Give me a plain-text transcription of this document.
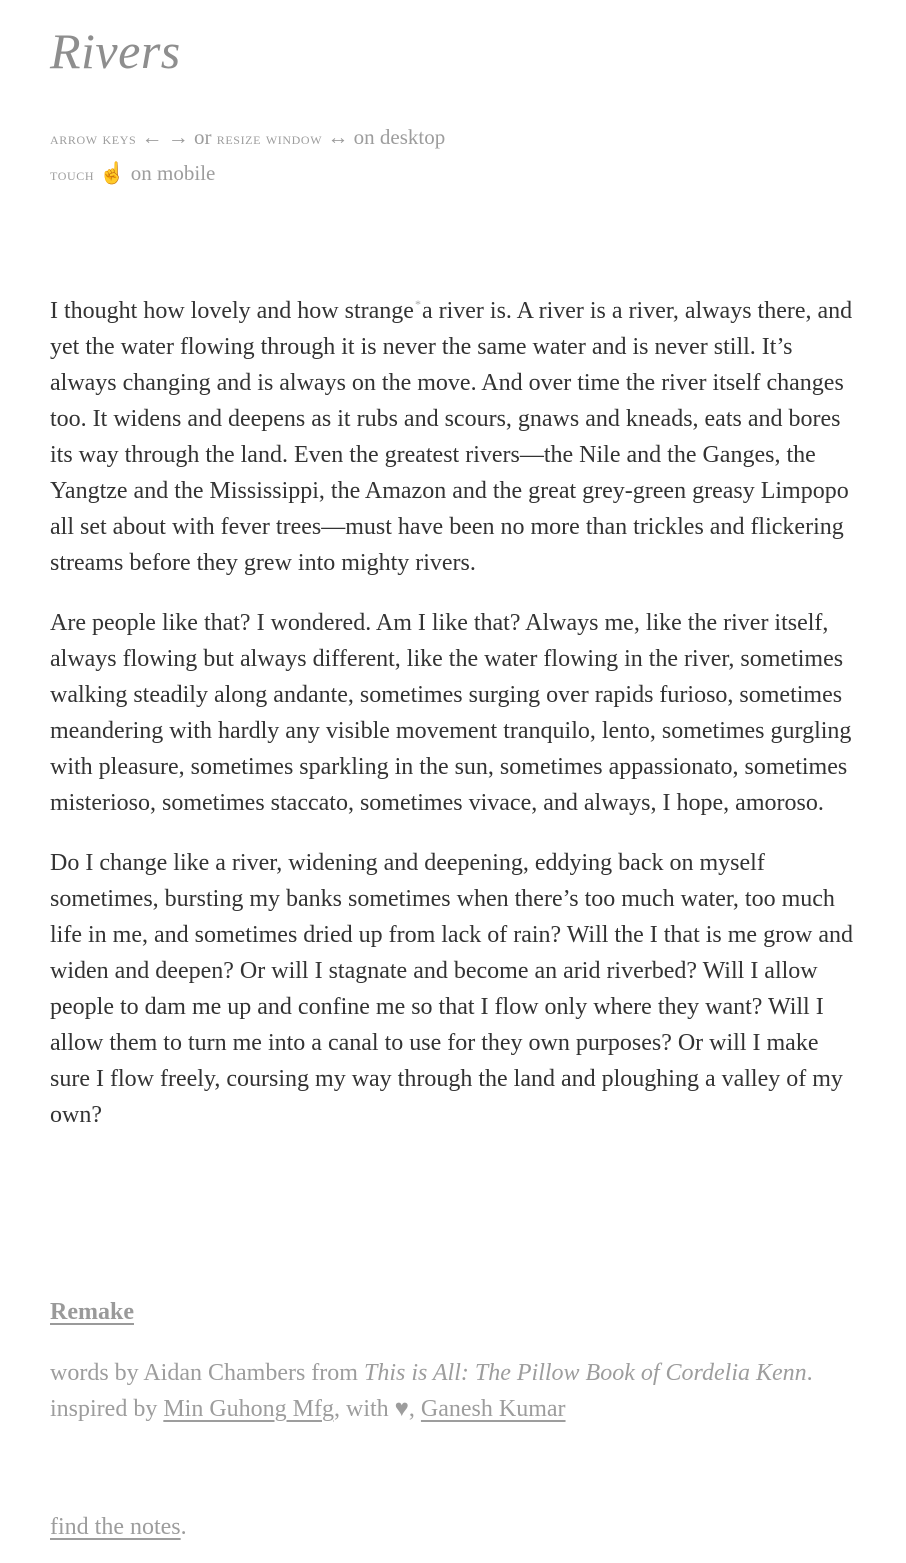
Rivers
arrow keys ← → or resize window ↔ on desktop
touch ☝ on mobile

I thought how lovely and how strange*a river is. A river is a river, always there, and yet the water flowing through it is never the same water and is never still. It’s always changing and is always on the move. And over time the river itself changes too. It widens and deepens as it rubs and scours, gnaws and kneads, eats and bores its way through the land. Even the greatest rivers—the Nile and the Ganges, the Yangtze and the Mississippi, the Amazon and the great grey-green greasy Limpopo all set about with fever trees—must have been no more than trickles and flickering streams before they grew into mighty rivers.

Are people like that? I wondered. Am I like that? Always me, like the river itself, always flowing but always different, like the water flowing in the river, sometimes walking steadily along andante, sometimes surging over rapids furioso, sometimes meandering with hardly any visible movement tranquilo, lento, sometimes gurgling with pleasure, sometimes sparkling in the sun, sometimes appassionato, sometimes misterioso, sometimes staccato, sometimes vivace, and always, I hope, amoroso.

Do I change like a river, widening and deepening, eddying back on myself sometimes, bursting my banks sometimes when there’s too much water, too much life in me, and sometimes dried up from lack of rain? Will the I that is me grow and widen and deepen? Or will I stagnate and become an arid riverbed? Will I allow people to dam me up and confine me so that I flow only where they want? Will I allow them to turn me into a canal to use for they own purposes? Or will I make sure I flow freely, coursing my way through the land and ploughing a valley of my own?

Remake
words by Aidan Chambers from This is All: The Pillow Book of Cordelia Kenn.
inspired by Min Guhong Mfg, with ♥, Ganesh Kumar
find the notes.
